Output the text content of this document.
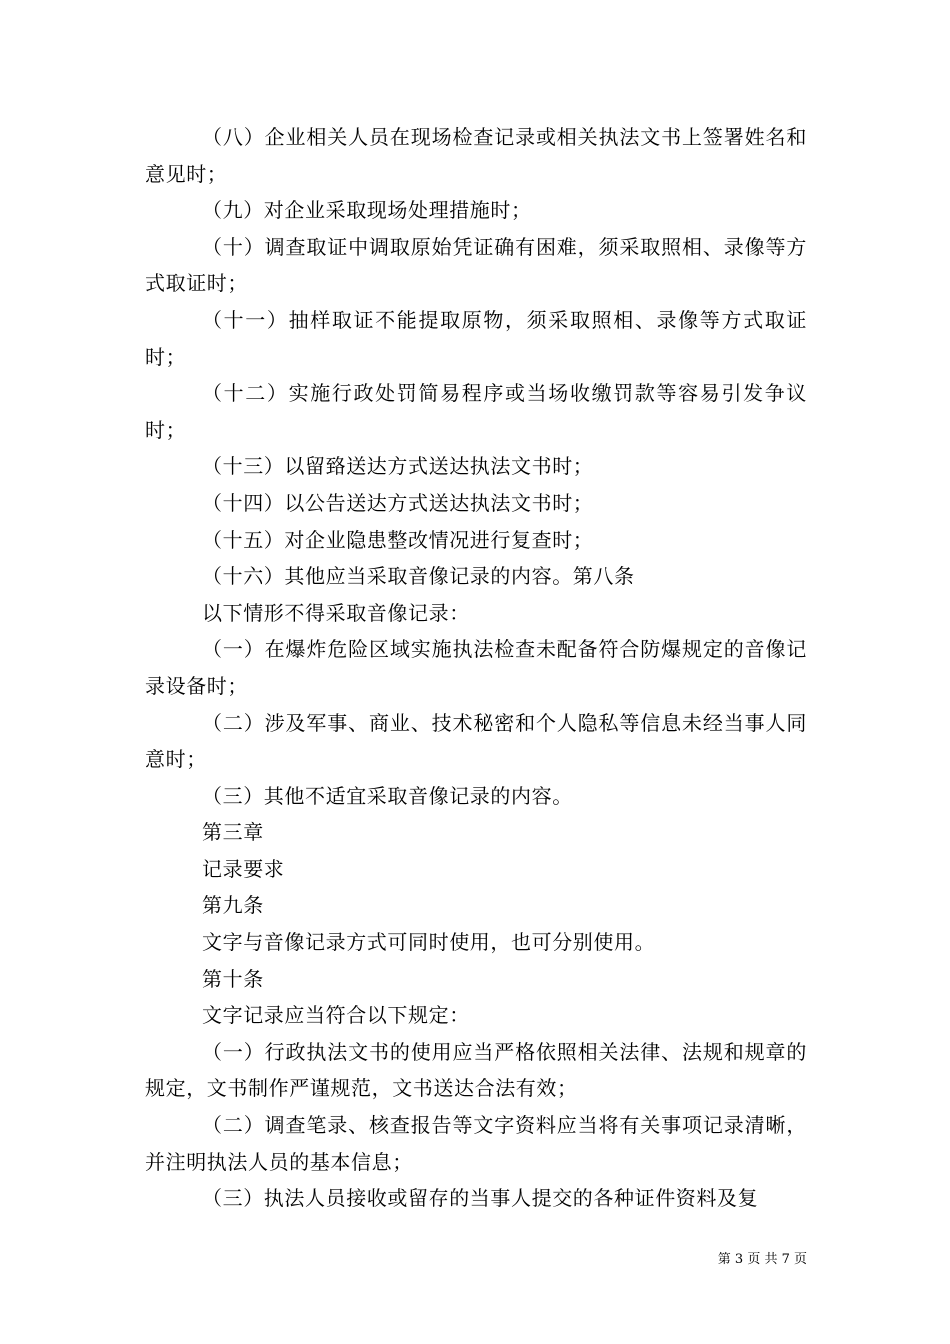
（八）企业相关人员在现场检查记录或相关执法文书上签署姓名和意见时；

（九）对企业采取现场处理措施时；

（十）调查取证中调取原始凭证确有困难，须采取照相、录像等方式取证时；

（十一）抽样取证不能提取原物，须采取照相、录像等方式取证时；

（十二）实施行政处罚简易程序或当场收缴罚款等容易引发争议时；

（十三）以留臵送达方式送达执法文书时；

（十四）以公告送达方式送达执法文书时；

（十五）对企业隐患整改情况进行复查时；

（十六）其他应当采取音像记录的内容。第八条

以下情形不得采取音像记录：

（一）在爆炸危险区域实施执法检查未配备符合防爆规定的音像记录设备时；

（二）涉及军事、商业、技术秘密和个人隐私等信息未经当事人同意时；

（三）其他不适宜采取音像记录的内容。

第三章

记录要求

第九条

文字与音像记录方式可同时使用，也可分别使用。

第十条

文字记录应当符合以下规定：

（一）行政执法文书的使用应当严格依照相关法律、法规和规章的规定，文书制作严谨规范，文书送达合法有效；

（二）调查笔录、核查报告等文字资料应当将有关事项记录清晰，并注明执法人员的基本信息；

（三）执法人员接收或留存的当事人提交的各种证件资料及复

第 3 页 共 7 页
